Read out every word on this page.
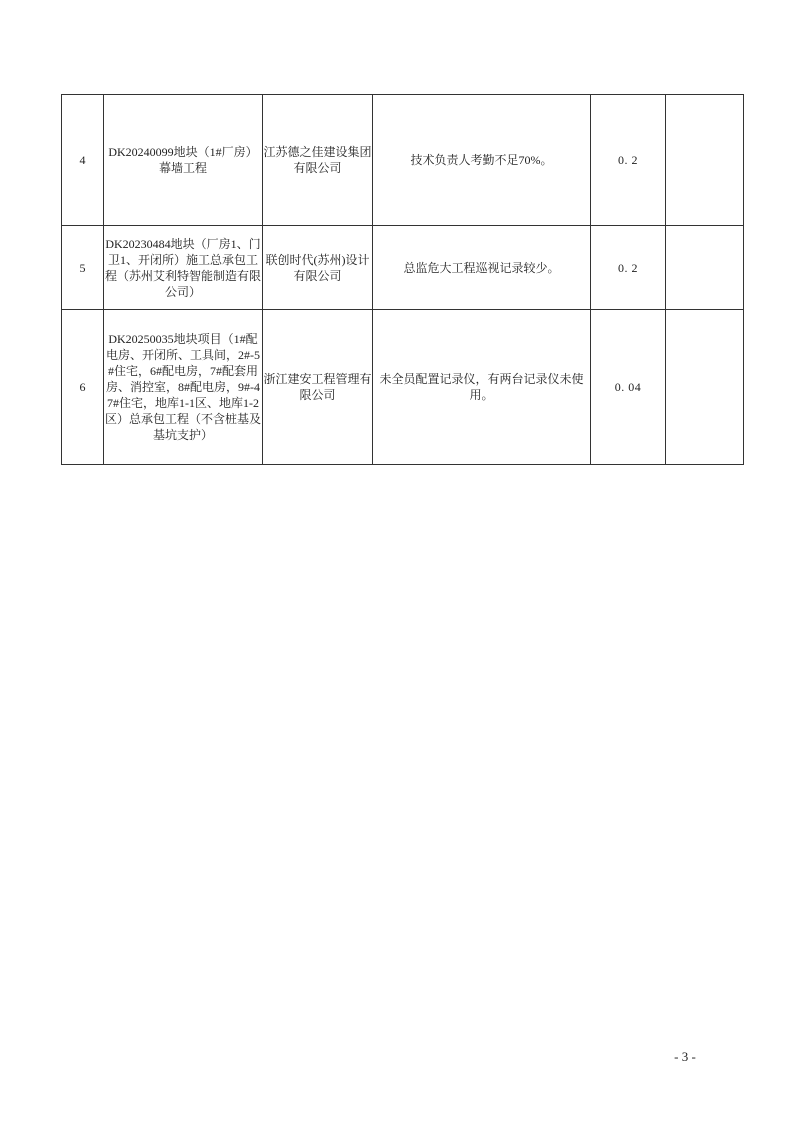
4	DK20240099地块（1#厂房）幕墙工程	江苏德之佳建设集团有限公司	技术负责人考勤不足70%。	0. 2	
5	DK20230484地块（厂房1、门卫1、开闭所）施工总承包工程（苏州艾利特智能制造有限公司）	联创时代(苏州)设计有限公司	总监危大工程巡视记录较少。	0. 2	
6	DK20250035地块项目（1#配电房、开闭所、工具间，2#-5#住宅，6#配电房，7#配套用房、消控室，8#配电房，9#-47#住宅，地库1-1区、地库1-2区）总承包工程（不含桩基及基坑支护）	浙江建安工程管理有限公司	未全员配置记录仪，有两台记录仪未使用。	0. 04	
- 3 -
